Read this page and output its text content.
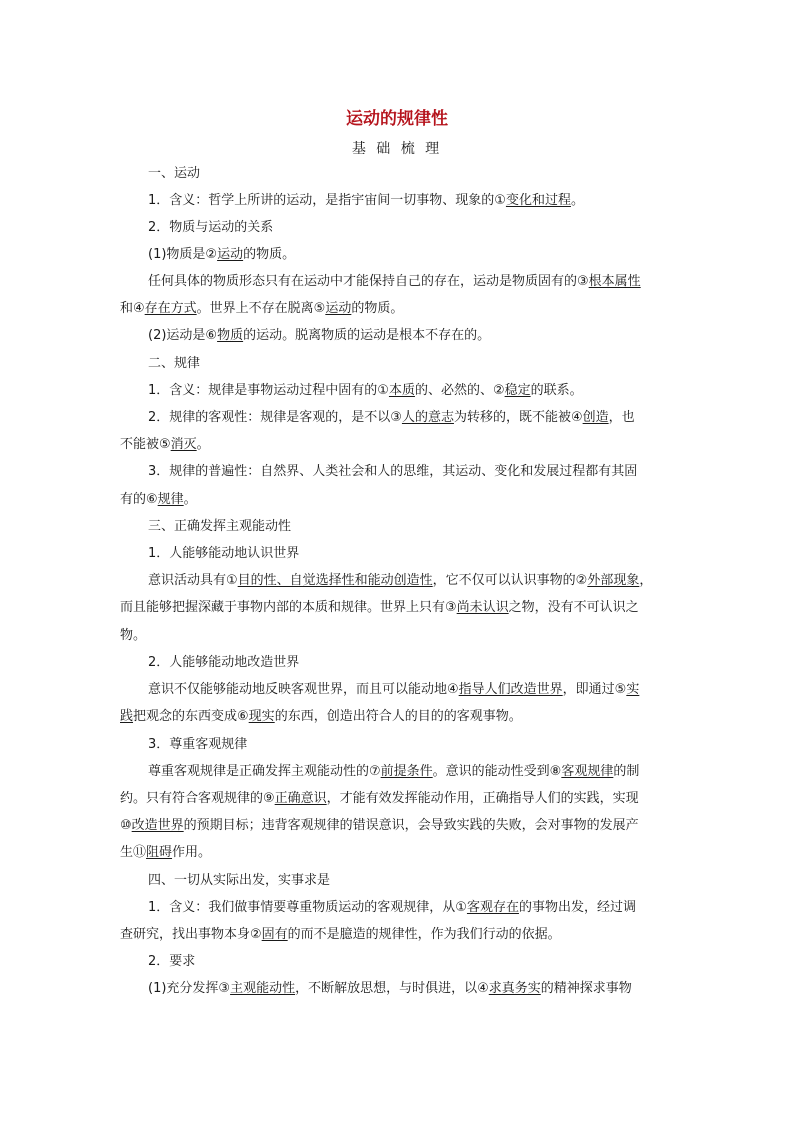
运动的规律性
基 础 梳 理
一、运动
1．含义：哲学上所讲的运动，是指宇宙间一切事物、现象的①变化和过程。
2．物质与运动的关系
(1)物质是②运动的物质。
任何具体的物质形态只有在运动中才能保持自己的存在，运动是物质固有的③根本属性
和④存在方式。世界上不存在脱离⑤运动的物质。
(2)运动是⑥物质的运动。脱离物质的运动是根本不存在的。
二、规律
1．含义：规律是事物运动过程中固有的①本质的、必然的、②稳定的联系。
2．规律的客观性：规律是客观的，是不以③人的意志为转移的，既不能被④创造，也
不能被⑤消灭。
3．规律的普遍性：自然界、人类社会和人的思维，其运动、变化和发展过程都有其固
有的⑥规律。
三、正确发挥主观能动性
1．人能够能动地认识世界
意识活动具有①目的性、自觉选择性和能动创造性，它不仅可以认识事物的②外部现象，
而且能够把握深藏于事物内部的本质和规律。世界上只有③尚未认识之物，没有不可认识之
物。
2．人能够能动地改造世界
意识不仅能够能动地反映客观世界，而且可以能动地④指导人们改造世界，即通过⑤实
践把观念的东西变成⑥现实的东西，创造出符合人的目的的客观事物。
3．尊重客观规律
尊重客观规律是正确发挥主观能动性的⑦前提条件。意识的能动性受到⑧客观规律的制
约。只有符合客观规律的⑨正确意识，才能有效发挥能动作用，正确指导人们的实践，实现
⑩改造世界的预期目标；违背客观规律的错误意识，会导致实践的失败，会对事物的发展产
生⑪阻碍作用。
四、一切从实际出发，实事求是
1．含义：我们做事情要尊重物质运动的客观规律，从①客观存在的事物出发，经过调
查研究，找出事物本身②固有的而不是臆造的规律性，作为我们行动的依据。
2．要求
(1)充分发挥③主观能动性，不断解放思想，与时俱进，以④求真务实的精神探求事物
